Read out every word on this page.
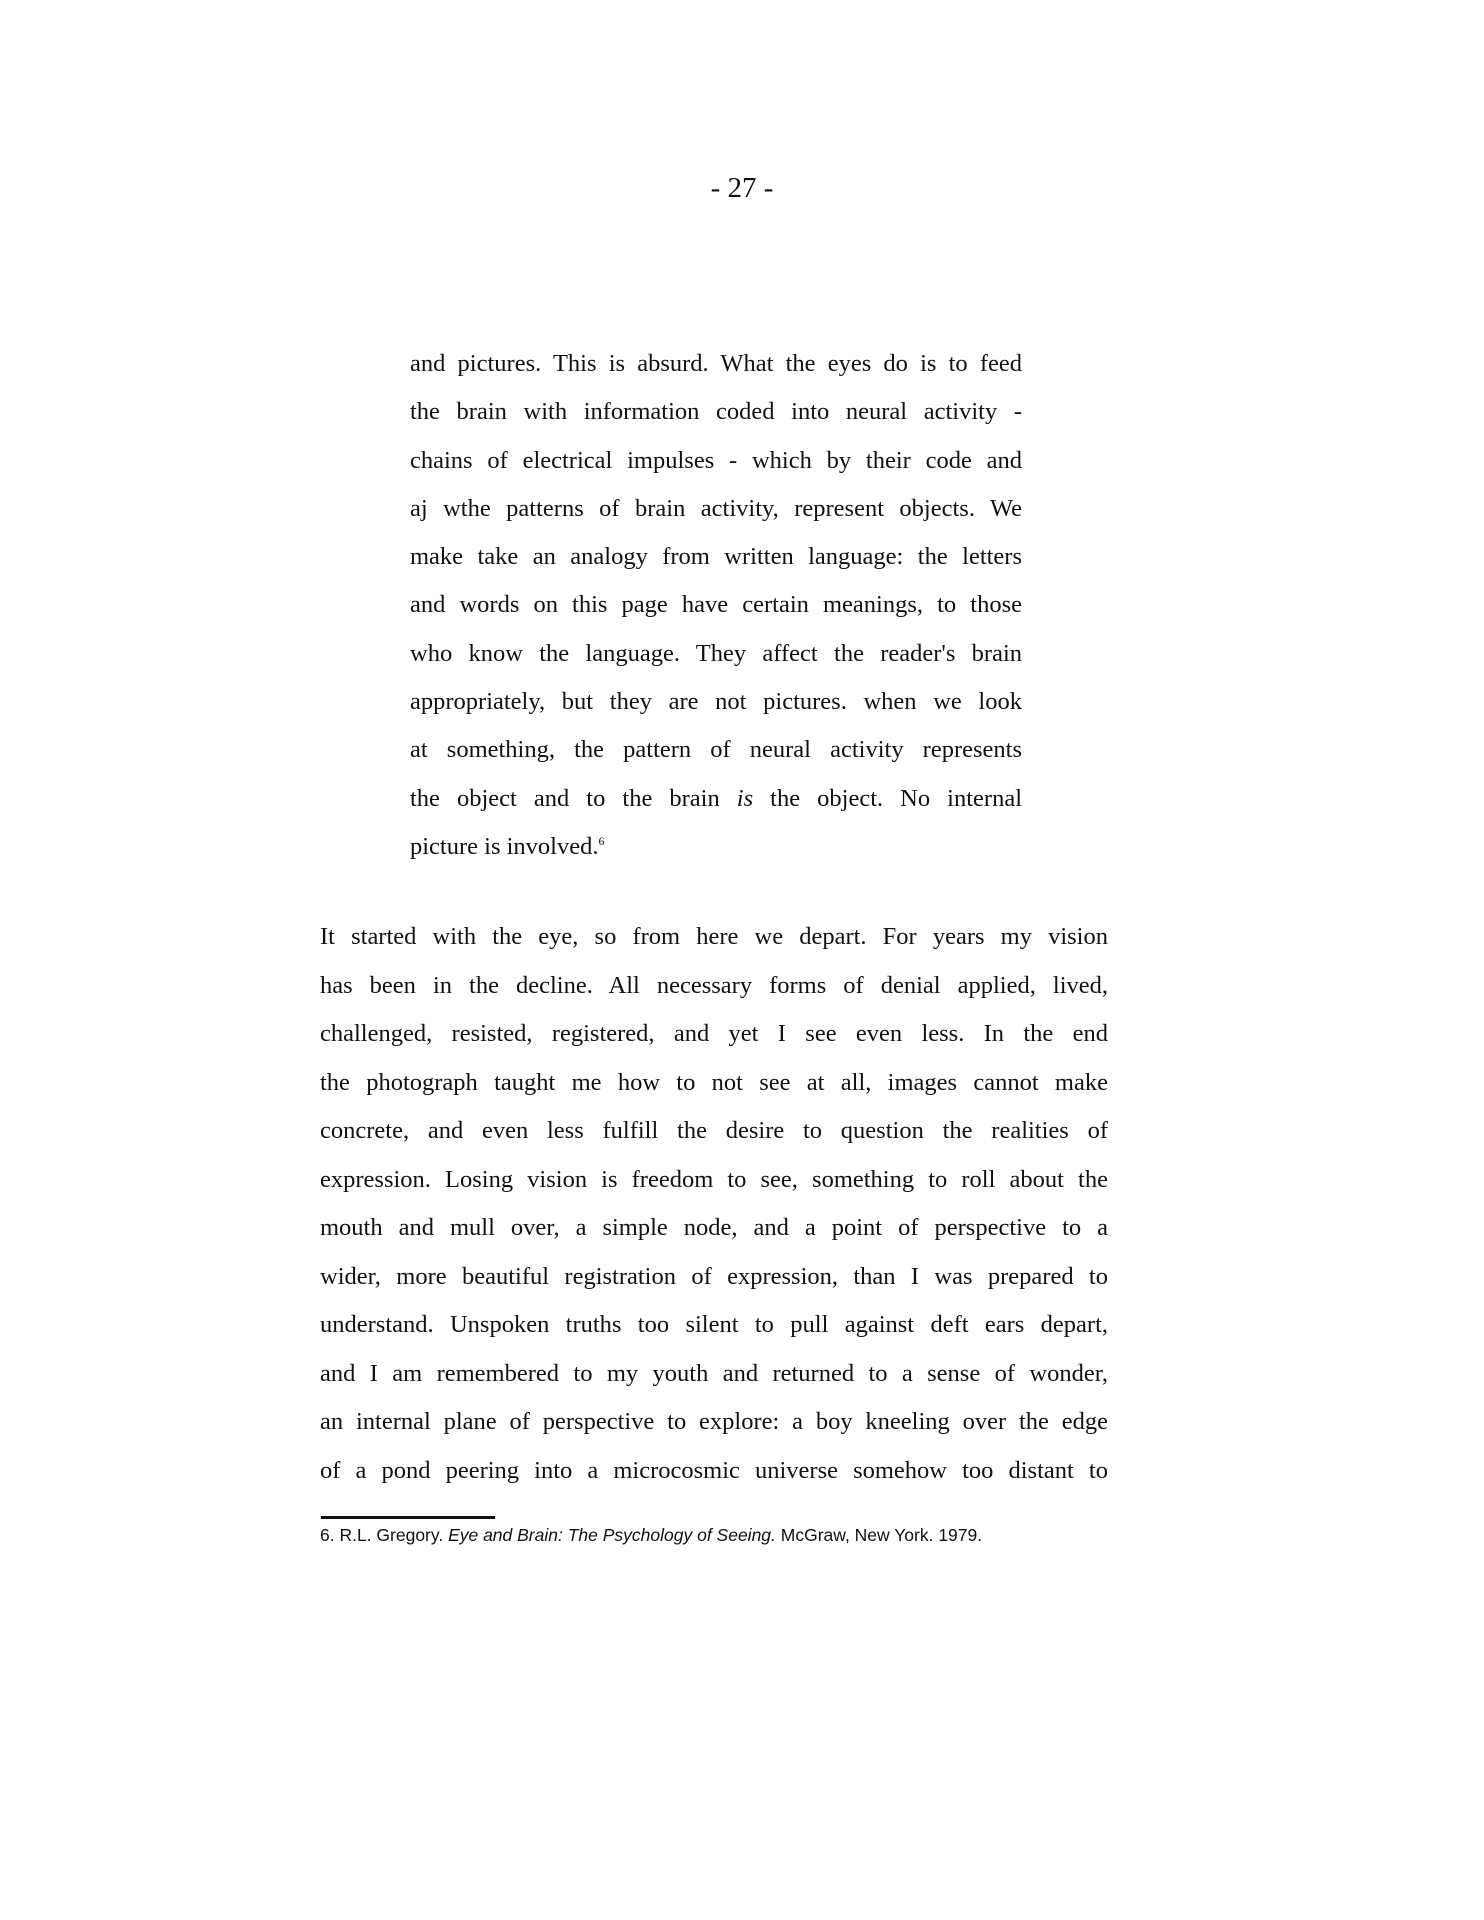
- 27 -
and pictures. This is absurd. What the eyes do is to feed
the brain with information coded into neural activity -
chains of electrical impulses - which by their code and
aj wthe patterns of brain activity, represent objects. We
make take an analogy from written language: the letters
and words on this page have certain meanings, to those
who know the language. They affect the reader's brain
appropriately, but they are not pictures. when we look
at something, the pattern of neural activity represents
the object and to the brain is the object. No internal
picture is involved.$^6$
It started with the eye, so from here we depart. For years my vision
has been in the decline. All necessary forms of denial applied, lived,
challenged, resisted, registered, and yet I see even less. In the end
the photograph taught me how to not see at all, images cannot make
concrete, and even less fulfill the desire to question the realities of
expression. Losing vision is freedom to see, something to roll about the
mouth and mull over, a simple node, and a point of perspective to a
wider, more beautiful registration of expression, than I was prepared to
understand. Unspoken truths too silent to pull against deft ears depart,
and I am remembered to my youth and returned to a sense of wonder,
an internal plane of perspective to explore: a boy kneeling over the edge
of a pond peering into a microcosmic universe somehow too distant to
6. R.L. Gregory. Eye and Brain: The Psychology of Seeing. McGraw, New York. 1979.
